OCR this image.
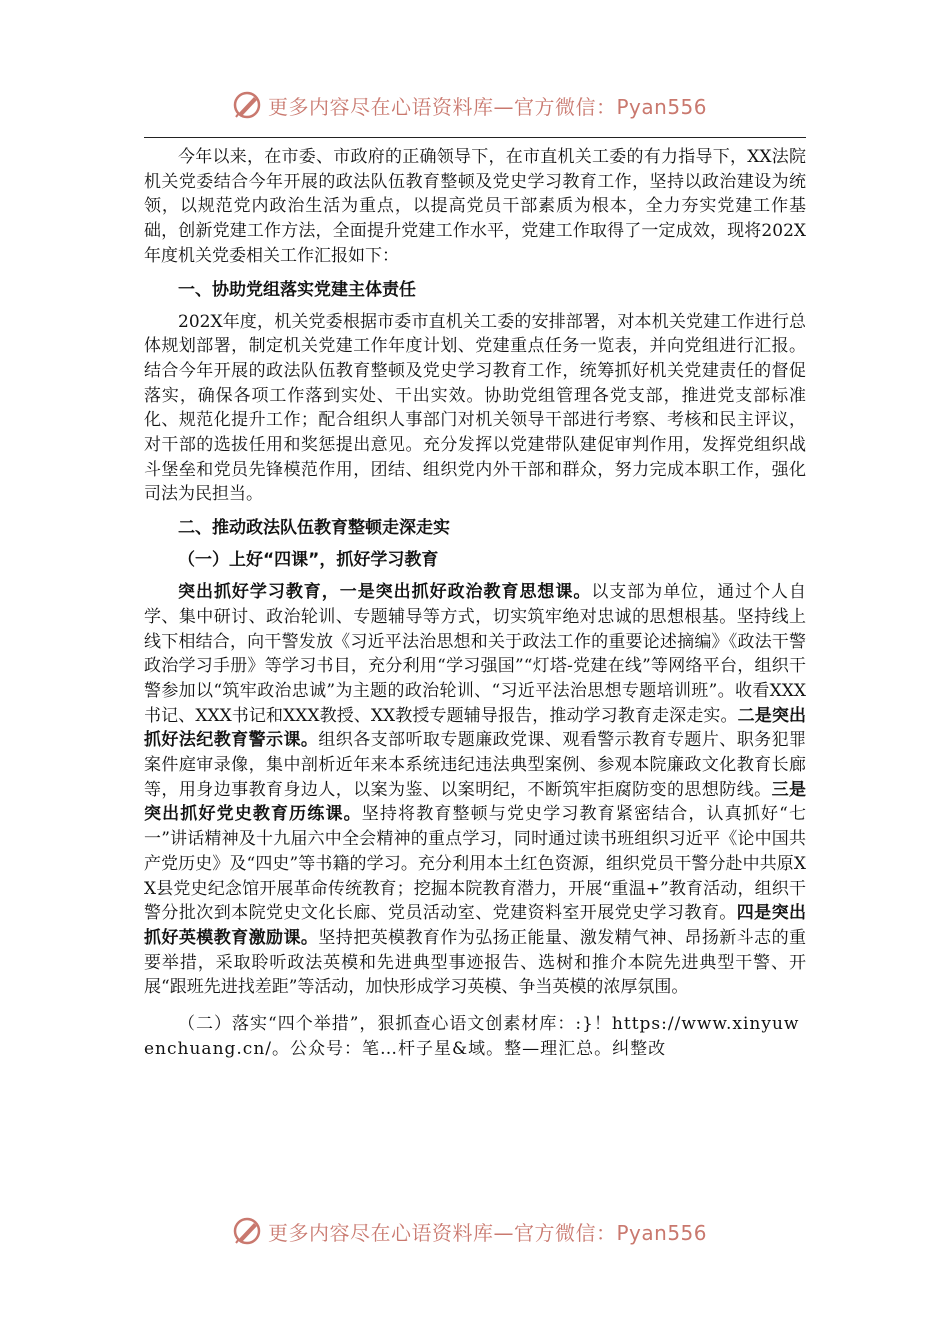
更多内容尽在心语资料库—官方微信：Pyan556

今年以来，在市委、市政府的正确领导下，在市直机关工委的有力指导下，XX法院机关党委结合今年开展的政法队伍教育整顿及党史学习教育工作，坚持以政治建设为统领，以规范党内政治生活为重点，以提高党员干部素质为根本，全力夯实党建工作基础，创新党建工作方法，全面提升党建工作水平，党建工作取得了一定成效，现将202X年度机关党委相关工作汇报如下：

一、协助党组落实党建主体责任

202X年度，机关党委根据市委市直机关工委的安排部署，对本机关党建工作进行总体规划部署，制定机关党建工作年度计划、党建重点任务一览表，并向党组进行汇报。结合今年开展的政法队伍教育整顿及党史学习教育工作，统筹抓好机关党建责任的督促落实，确保各项工作落到实处、干出实效。协助党组管理各党支部，推进党支部标准化、规范化提升工作；配合组织人事部门对机关领导干部进行考察、考核和民主评议，对干部的选拔任用和奖惩提出意见。充分发挥以党建带队建促审判作用，发挥党组织战斗堡垒和党员先锋模范作用，团结、组织党内外干部和群众，努力完成本职工作，强化司法为民担当。

二、推动政法队伍教育整顿走深走实

（一）上好“四课”，抓好学习教育

突出抓好学习教育，一是突出抓好政治教育思想课。以支部为单位，通过个人自学、集中研讨、政治轮训、专题辅导等方式，切实筑牢绝对忠诚的思想根基。坚持线上线下相结合，向干警发放《习近平法治思想和关于政法工作的重要论述摘编》《政法干警政治学习手册》等学习书目，充分利用“学习强国”“灯塔-党建在线”等网络平台，组织干警参加以“筑牢政治忠诚”为主题的政治轮训、“习近平法治思想专题培训班”。收看XXX书记、XXX书记和XXX教授、XX教授专题辅导报告，推动学习教育走深走实。二是突出抓好法纪教育警示课。组织各支部听取专题廉政党课、观看警示教育专题片、职务犯罪案件庭审录像，集中剖析近年来本系统违纪违法典型案例、参观本院廉政文化教育长廊等，用身边事教育身边人，以案为鉴、以案明纪，不断筑牢拒腐防变的思想防线。三是突出抓好党史教育历练课。坚持将教育整顿与党史学习教育紧密结合，认真抓好“七一”讲话精神及十九届六中全会精神的重点学习，同时通过读书班组织习近平《论中国共产党历史》及“四史”等书籍的学习。充分利用本土红色资源，组织党员干警分赴中共原XX县党史纪念馆开展革命传统教育；挖掘本院教育潜力，开展“重温+”教育活动，组织干警分批次到本院党史文化长廊、党员活动室、党建资料室开展党史学习教育。四是突出抓好英模教育激励课。坚持把英模教育作为弘扬正能量、激发精气神、昂扬新斗志的重要举措，采取聆听政法英模和先进典型事迹报告、选树和推介本院先进典型干警、开展“跟班先进找差距”等活动，加快形成学习英模、争当英模的浓厚氛围。

（二）落实“四个举措”，狠抓查心语文创素材库：:}！https://www.xinyuwenchuang.cn/。公众号：笔…杆子星&域。整—理汇总。纠整改

更多内容尽在心语资料库—官方微信：Pyan556
